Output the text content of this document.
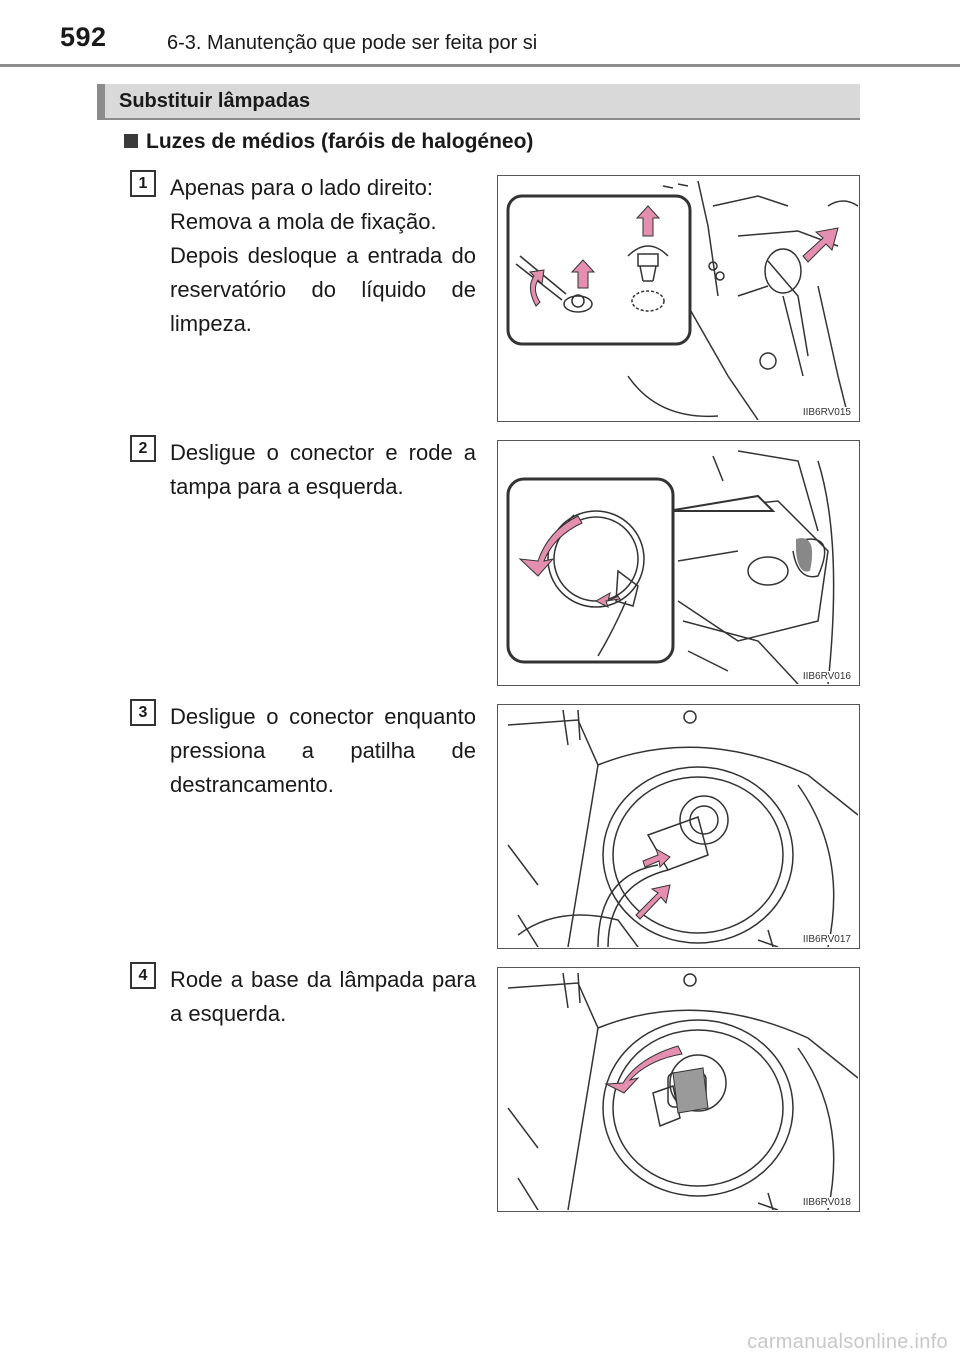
592	6-3. Manutenção que pode ser feita por si
Substituir lâmpadas
Luzes de médios (faróis de halogéneo)
1	Apenas para o lado direito:

Remova a mola de fixação.

Depois desloque a entrada do reservatório do líquido de limpeza.

IIB6RV015
2	Desligue o conector e rode a tampa para a esquerda.

IIB6RV016
3	Desligue o conector enquanto pressiona a patilha de destrancamento.

IIB6RV017
4	Rode a base da lâmpada para a esquerda.

IIB6RV018
carmanualsonline.info
